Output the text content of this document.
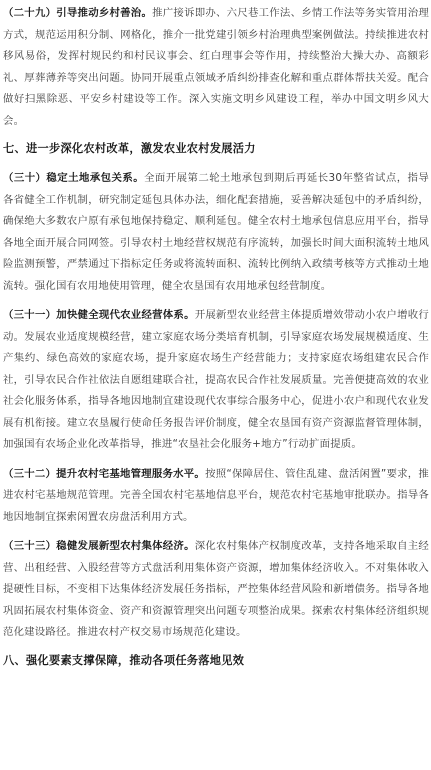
（二十九）引导推动乡村善治。推广接诉即办、六尺巷工作法、乡情工作法等务实管用治理方式，规范运用积分制、网格化，推介一批党建引领乡村治理典型案例做法。持续推进农村移风易俗，发挥村规民约和村民议事会、红白理事会等作用，持续整治大操大办、高额彩礼、厚葬薄养等突出问题。协同开展重点领域矛盾纠纷排查化解和重点群体帮扶关爱。配合做好扫黑除恶、平安乡村建设等工作。深入实施文明乡风建设工程，举办中国文明乡风大会。

七、进一步深化农村改革，激发农业农村发展活力

（三十）稳定土地承包关系。全面开展第二轮土地承包到期后再延长30年整省试点，指导各省健全工作机制，研究制定延包具体办法，细化配套措施，妥善解决延包中的矛盾纠纷，确保绝大多数农户原有承包地保持稳定、顺利延包。健全农村土地承包信息应用平台，指导各地全面开展合同网签。引导农村土地经营权规范有序流转，加强长时间大面积流转土地风险监测预警，严禁通过下指标定任务或将流转面积、流转比例纳入政绩考核等方式推动土地流转。强化国有农用地使用管理，健全农垦国有农用地承包经营制度。

（三十一）加快健全现代农业经营体系。开展新型农业经营主体提质增效带动小农户增收行动。发展农业适度规模经营，建立家庭农场分类培育机制，引导家庭农场发展规模适度、生产集约、绿色高效的家庭农场，提升家庭农场生产经营能力；支持家庭农场组建农民合作社，引导农民合作社依法自愿组建联合社，提高农民合作社发展质量。完善便捷高效的农业社会化服务体系，指导各地因地制宜建设现代农事综合服务中心，促进小农户和现代农业发展有机衔接。建立农垦履行使命任务报告评价制度，健全农垦国有资产资源监督管理体制，加强国有农场企业化改革指导，推进“农垦社会化服务+地方”行动扩面提质。

（三十二）提升农村宅基地管理服务水平。按照“保障居住、管住乱建、盘活闲置”要求，推进农村宅基地规范管理。完善全国农村宅基地信息平台，规范农村宅基地审批联办。指导各地因地制宜探索闲置农房盘活利用方式。

（三十三）稳健发展新型农村集体经济。深化农村集体产权制度改革，支持各地采取自主经营、出租经营、入股经营等方式盘活利用集体资产资源，增加集体经济收入。不对集体收入提硬性目标，不变相下达集体经济发展任务指标，严控集体经营风险和新增债务。指导各地巩固拓展农村集体资金、资产和资源管理突出问题专项整治成果。探索农村集体经济组织规范化建设路径。推进农村产权交易市场规范化建设。

八、强化要素支撑保障，推动各项任务落地见效
